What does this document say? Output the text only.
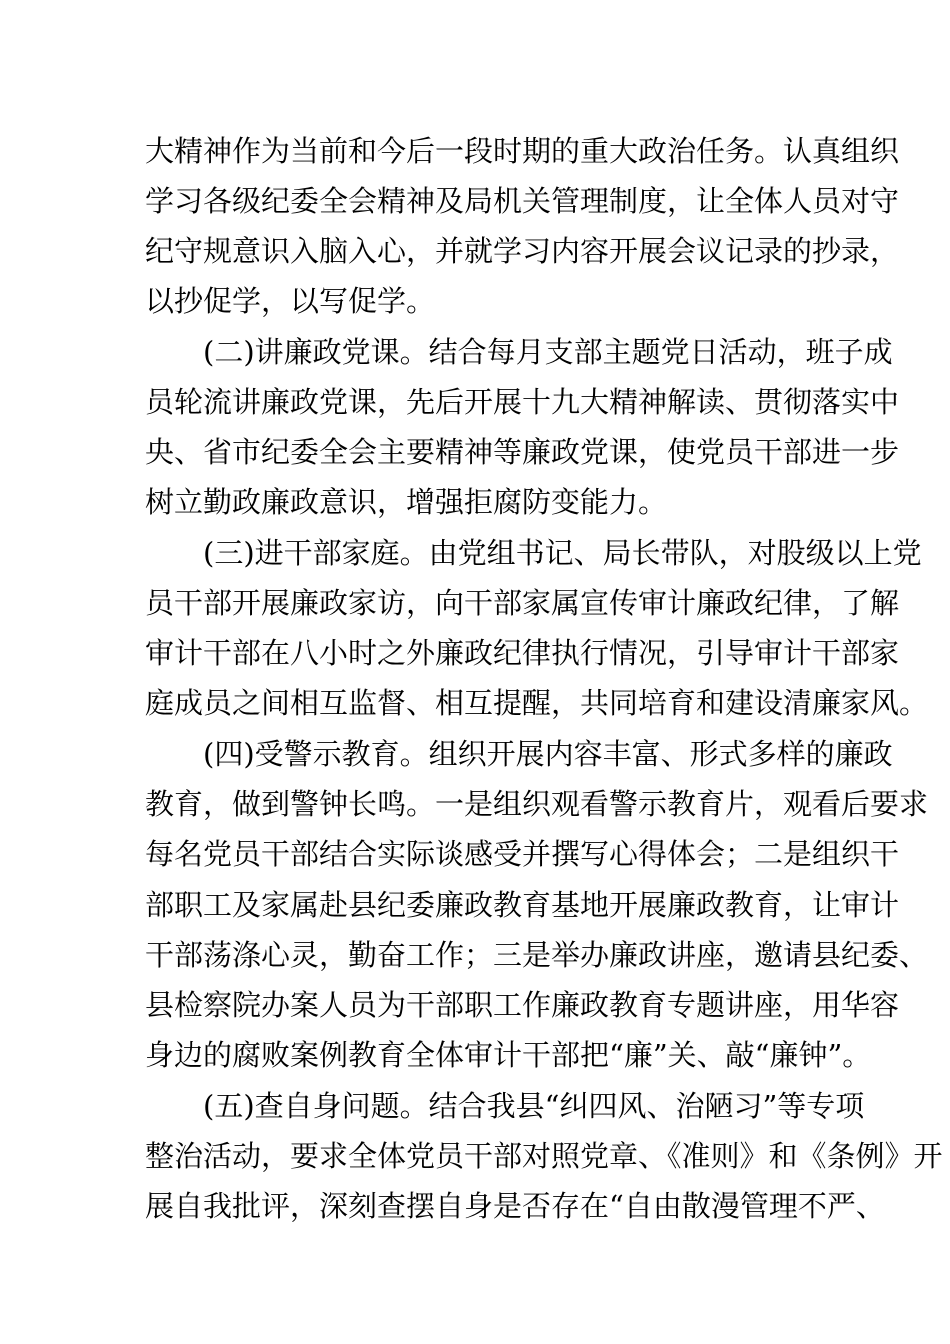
大精神作为当前和今后一段时期的重大政治任务。认真组织
学习各级纪委全会精神及局机关管理制度，让全体人员对守
纪守规意识入脑入心，并就学习内容开展会议记录的抄录，
以抄促学，以写促学。
(二)讲廉政党课。结合每月支部主题党日活动，班子成
员轮流讲廉政党课，先后开展十九大精神解读、贯彻落实中
央、省市纪委全会主要精神等廉政党课，使党员干部进一步
树立勤政廉政意识，增强拒腐防变能力。
(三)进干部家庭。由党组书记、局长带队，对股级以上党
员干部开展廉政家访，向干部家属宣传审计廉政纪律，了解
审计干部在八小时之外廉政纪律执行情况，引导审计干部家
庭成员之间相互监督、相互提醒，共同培育和建设清廉家风。
(四)受警示教育。组织开展内容丰富、形式多样的廉政
教育，做到警钟长鸣。一是组织观看警示教育片，观看后要求
每名党员干部结合实际谈感受并撰写心得体会；二是组织干
部职工及家属赴县纪委廉政教育基地开展廉政教育，让审计
干部荡涤心灵，勤奋工作；三是举办廉政讲座，邀请县纪委、
县检察院办案人员为干部职工作廉政教育专题讲座，用华容
身边的腐败案例教育全体审计干部把“廉”关、敲“廉钟”。
(五)查自身问题。结合我县“纠四风、治陋习”等专项
整治活动，要求全体党员干部对照党章、《准则》和《条例》开
展自我批评，深刻查摆自身是否存在“自由散漫管理不严、
